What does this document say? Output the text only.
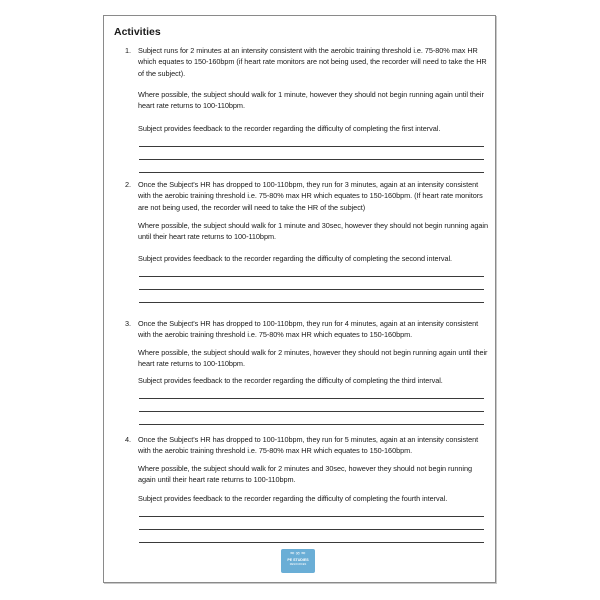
Activities
1. Subject runs for 2 minutes at an intensity consistent with the aerobic training threshold i.e. 75-80% max HR which equates to 150-160bpm (if heart rate monitors are not being used, the recorder will need to take the HR of the subject).

Where possible, the subject should walk for 1 minute, however they should not begin running again until their heart rate returns to 100-110bpm.

Subject provides feedback to the recorder regarding the difficulty of completing the first interval.

2. Once the Subject’s HR has dropped to 100-110bpm, they run for 3 minutes, again at an intensity consistent with the aerobic training threshold i.e. 75-80% max HR which equates to 150-160bpm. (If heart rate monitors are not being used, the recorder will need to take the HR of the subject)

Where possible, the subject should walk for 1 minute and 30sec, however they should not begin running again until their heart rate returns to 100-110bpm.

Subject provides feedback to the recorder regarding the difficulty of completing the second interval.

3. Once the Subject’s HR has dropped to 100-110bpm, they run for 4 minutes, again at an intensity consistent with the aerobic training threshold i.e. 75-80% max HR which equates to 150-160bpm.

Where possible, the subject should walk for 2 minutes, however they should not begin running again until their heart rate returns to 100-110bpm.

Subject provides feedback to the recorder regarding the difficulty of completing the third interval.

4. Once the Subject’s HR has dropped to 100-110bpm, they run for 5 minutes, again at an intensity consistent with the aerobic training threshold i.e. 75-80% max HR which equates to 150-160bpm.

Where possible, the subject should walk for 2 minutes and 30sec, however they should not begin running again until their heart rate returns to 100-110bpm.

Subject provides feedback to the recorder regarding the difficulty of completing the fourth interval.

≈∞≈
PE STUDIES
RESOURCES
